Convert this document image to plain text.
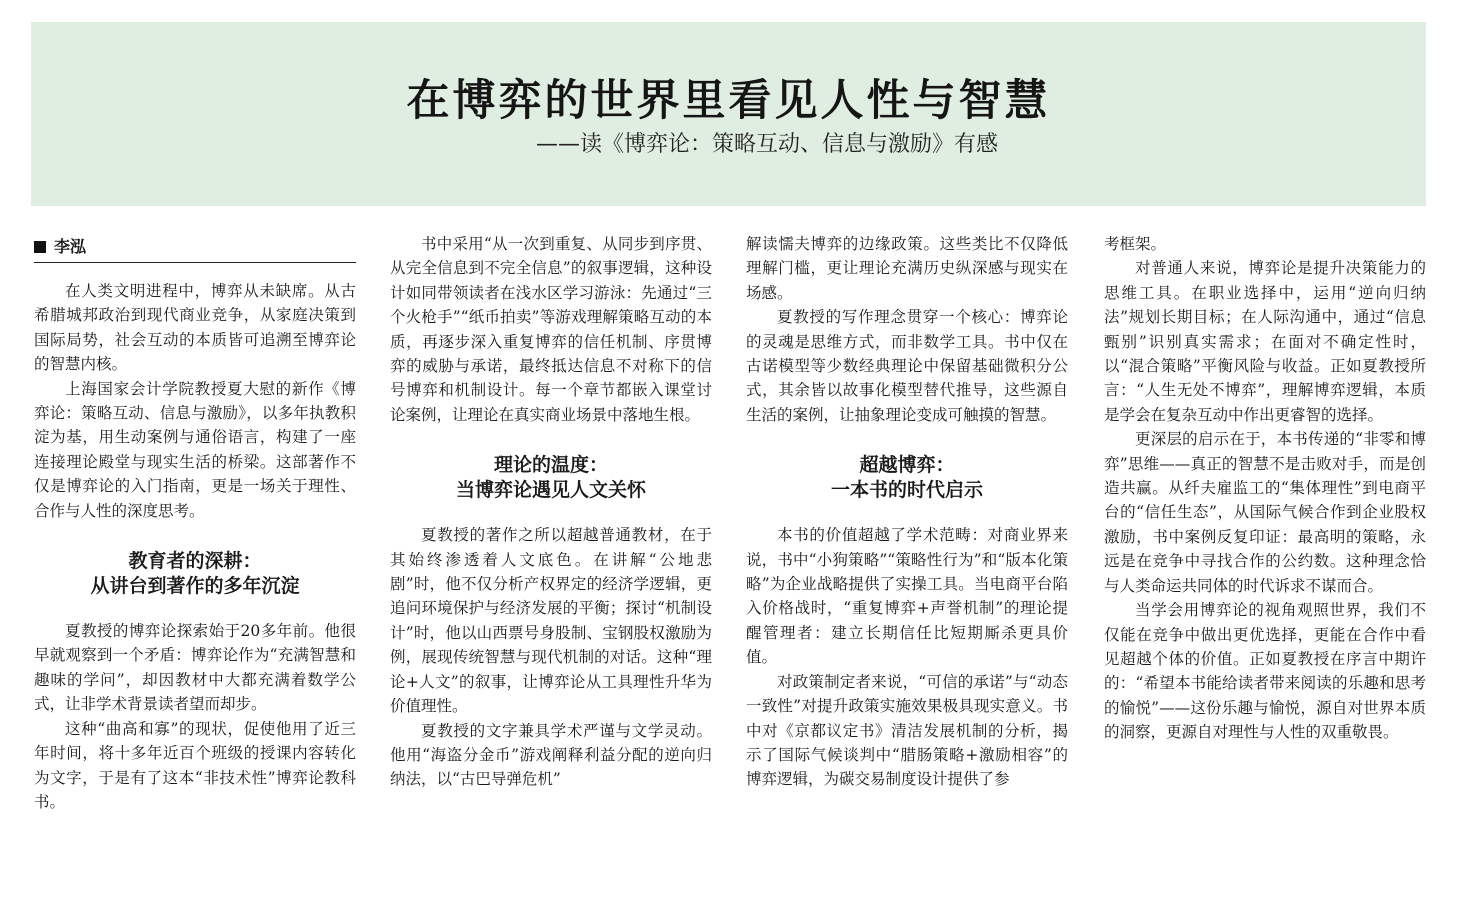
在博弈的世界里看见人性与智慧
——读《博弈论：策略互动、信息与激励》有感
李泓

在人类文明进程中，博弈从未缺席。从古希腊城邦政治到现代商业竞争，从家庭决策到国际局势，社会互动的本质皆可追溯至博弈论的智慧内核。

上海国家会计学院教授夏大慰的新作《博弈论：策略互动、信息与激励》，以多年执教积淀为基，用生动案例与通俗语言，构建了一座连接理论殿堂与现实生活的桥梁。这部著作不仅是博弈论的入门指南，更是一场关于理性、合作与人性的深度思考。

教育者的深耕：
从讲台到著作的多年沉淀

夏教授的博弈论探索始于20多年前。他很早就观察到一个矛盾：博弈论作为“充满智慧和趣味的学问”，却因教材中大都充满着数学公式，让非学术背景读者望而却步。

这种“曲高和寡”的现状，促使他用了近三年时间，将十多年近百个班级的授课内容转化为文字，于是有了这本“非技术性”博弈论教科书。

书中采用“从一次到重复、从同步到序贯、从完全信息到不完全信息”的叙事逻辑，这种设计如同带领读者在浅水区学习游泳：先通过“三个火枪手”“纸币拍卖”等游戏理解策略互动的本质，再逐步深入重复博弈的信任机制、序贯博弈的威胁与承诺，最终抵达信息不对称下的信号博弈和机制设计。每一个章节都嵌入课堂讨论案例，让理论在真实商业场景中落地生根。

理论的温度：
当博弈论遇见人文关怀

夏教授的著作之所以超越普通教材，在于其始终渗透着人文底色。在讲解“公地悲剧”时，他不仅分析产权界定的经济学逻辑，更追问环境保护与经济发展的平衡；探讨“机制设计”时，他以山西票号身股制、宝钢股权激励为例，展现传统智慧与现代机制的对话。这种“理论+人文”的叙事，让博弈论从工具理性升华为价值理性。

夏教授的文字兼具学术严谨与文学灵动。他用“海盗分金币”游戏阐释利益分配的逆向归纳法，以“古巴导弹危机”

解读懦夫博弈的边缘政策。这些类比不仅降低理解门槛，更让理论充满历史纵深感与现实在场感。

夏教授的写作理念贯穿一个核心：博弈论的灵魂是思维方式，而非数学工具。书中仅在古诺模型等少数经典理论中保留基础微积分公式，其余皆以故事化模型替代推导，这些源自生活的案例，让抽象理论变成可触摸的智慧。

超越博弈：
一本书的时代启示

本书的价值超越了学术范畴：对商业界来说，书中“小狗策略”“策略性行为”和“版本化策略”为企业战略提供了实操工具。当电商平台陷入价格战时，“重复博弈+声誉机制”的理论提醒管理者：建立长期信任比短期厮杀更具价值。

对政策制定者来说，“可信的承诺”与“动态一致性”对提升政策实施效果极具现实意义。书中对《京都议定书》清洁发展机制的分析，揭示了国际气候谈判中“腊肠策略+激励相容”的博弈逻辑，为碳交易制度设计提供了参

考框架。

对普通人来说，博弈论是提升决策能力的思维工具。在职业选择中，运用“逆向归纳法”规划长期目标；在人际沟通中，通过“信息甄别”识别真实需求；在面对不确定性时，以“混合策略”平衡风险与收益。正如夏教授所言：“人生无处不博弈”，理解博弈逻辑，本质是学会在复杂互动中作出更睿智的选择。

更深层的启示在于，本书传递的“非零和博弈”思维——真正的智慧不是击败对手，而是创造共赢。从纤夫雇监工的“集体理性”到电商平台的“信任生态”，从国际气候合作到企业股权激励，书中案例反复印证：最高明的策略，永远是在竞争中寻找合作的公约数。这种理念恰与人类命运共同体的时代诉求不谋而合。

当学会用博弈论的视角观照世界，我们不仅能在竞争中做出更优选择，更能在合作中看见超越个体的价值。正如夏教授在序言中期许的：“希望本书能给读者带来阅读的乐趣和思考的愉悦”——这份乐趣与愉悦，源自对世界本质的洞察，更源自对理性与人性的双重敬畏。
